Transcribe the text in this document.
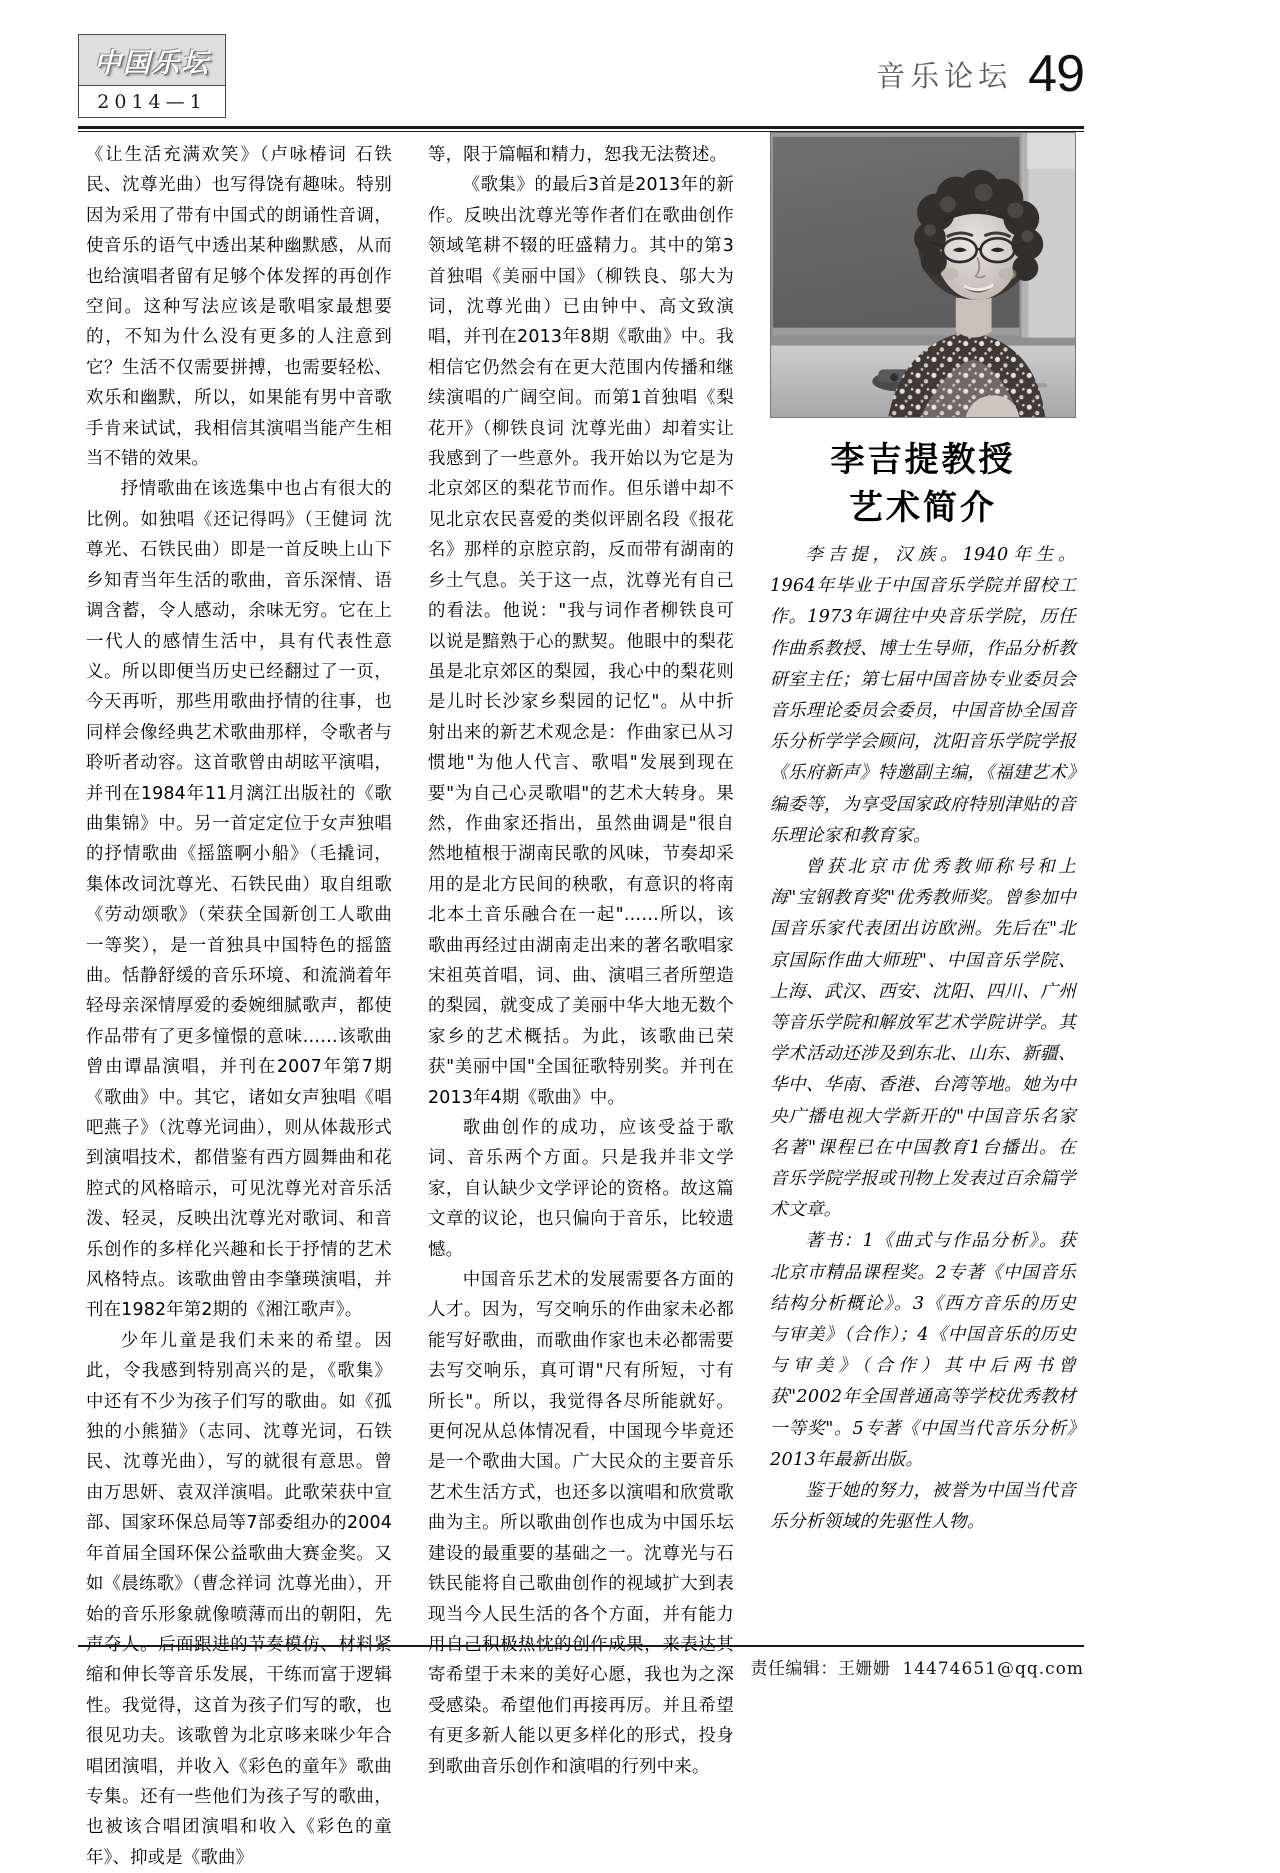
中国乐坛
2014—1
音乐论坛 49

《让生活充满欢笑》（卢咏椿词 石铁民、沈尊光曲）也写得饶有趣味。特别因为采用了带有中国式的朗诵性音调，使音乐的语气中透出某种幽默感，从而也给演唱者留有足够个体发挥的再创作空间。这种写法应该是歌唱家最想要的，不知为什么没有更多的人注意到它？生活不仅需要拼搏，也需要轻松、欢乐和幽默，所以，如果能有男中音歌手肯来试试，我相信其演唱当能产生相当不错的效果。

抒情歌曲在该选集中也占有很大的比例。如独唱《还记得吗》（王健词 沈尊光、石铁民曲）即是一首反映上山下乡知青当年生活的歌曲，音乐深情、语调含蓄，令人感动，余味无穷。它在上一代人的感情生活中，具有代表性意义。所以即便当历史已经翻过了一页，今天再听，那些用歌曲抒情的往事，也同样会像经典艺术歌曲那样，令歌者与聆听者动容。这首歌曾由胡昡平演唱，并刊在1984年11月漓江出版社的《歌曲集锦》中。另一首定定位于女声独唱的抒情歌曲《摇篮啊小船》（毛撬词，集体改词沈尊光、石铁民曲）取自组歌《劳动颂歌》（荣获全国新创工人歌曲一等奖），是一首独具中国特色的摇篮曲。恬静舒缓的音乐环境、和流淌着年轻母亲深情厚爱的委婉细腻歌声，都使作品带有了更多憧憬的意味……该歌曲曾由谭晶演唱，并刊在2007年第7期《歌曲》中。其它，诸如女声独唱《唱吧燕子》（沈尊光词曲），则从体裁形式到演唱技术，都借鉴有西方圆舞曲和花腔式的风格暗示，可见沈尊光对音乐活泼、轻灵，反映出沈尊光对歌词、和音乐创作的多样化兴趣和长于抒情的艺术风格特点。该歌曲曾由李肇瑛演唱，并刊在1982年第2期的《湘江歌声》。

少年儿童是我们未来的希望。因此，令我感到特别高兴的是，《歌集》中还有不少为孩子们写的歌曲。如《孤独的小熊猫》（志同、沈尊光词，石铁民、沈尊光曲），写的就很有意思。曾由万思妍、袁双洋演唱。此歌荣获中宣部、国家环保总局等7部委组办的2004年首届全国环保公益歌曲大赛金奖。又如《晨练歌》（曹念祥词 沈尊光曲），开始的音乐形象就像喷薄而出的朝阳，先声夺人。后面跟进的节奏模仿、材料紧缩和伸长等音乐发展，干练而富于逻辑性。我觉得，这首为孩子们写的歌，也很见功夫。该歌曾为北京哆来咪少年合唱团演唱，并收入《彩色的童年》歌曲专集。还有一些他们为孩子写的歌曲，也被该合唱团演唱和收入《彩色的童年》、抑或是《歌曲》

等，限于篇幅和精力，恕我无法赘述。

《歌集》的最后3首是2013年的新作。反映出沈尊光等作者们在歌曲创作领域笔耕不辍的旺盛精力。其中的第3首独唱《美丽中国》（柳铁良、邬大为词，沈尊光曲）已由钟中、高文致演唱，并刊在2013年8期《歌曲》中。我相信它仍然会有在更大范围内传播和继续演唱的广阔空间。而第1首独唱《梨花开》（柳铁良词 沈尊光曲）却着实让我感到了一些意外。我开始以为它是为北京郊区的梨花节而作。但乐谱中却不见北京农民喜爱的类似评剧名段《报花名》那样的京腔京韵，反而带有湖南的乡土气息。关于这一点，沈尊光有自己的看法。他说："我与词作者柳铁良可以说是黯熟于心的默契。他眼中的梨花虽是北京郊区的梨园，我心中的梨花则是儿时长沙家乡梨园的记忆"。从中折射出来的新艺术观念是：作曲家已从习惯地"为他人代言、歌唱"发展到现在要"为自己心灵歌唱"的艺术大转身。果然，作曲家还指出，虽然曲调是"很自然地植根于湖南民歌的风味，节奏却采用的是北方民间的秧歌，有意识的将南北本土音乐融合在一起"……所以，该歌曲再经过由湖南走出来的著名歌唱家宋祖英首唱，词、曲、演唱三者所塑造的梨园，就变成了美丽中华大地无数个家乡的艺术概括。为此，该歌曲已荣获"美丽中国"全国征歌特别奖。并刊在2013年4期《歌曲》中。

歌曲创作的成功，应该受益于歌词、音乐两个方面。只是我并非文学家，自认缺少文学评论的资格。故这篇文章的议论，也只偏向于音乐，比较遗憾。

中国音乐艺术的发展需要各方面的人才。因为，写交响乐的作曲家未必都能写好歌曲，而歌曲作家也未必都需要去写交响乐，真可谓"尺有所短，寸有所长"。所以，我觉得各尽所能就好。更何况从总体情况看，中国现今毕竟还是一个歌曲大国。广大民众的主要音乐艺术生活方式，也还多以演唱和欣赏歌曲为主。所以歌曲创作也成为中国乐坛建设的最重要的基础之一。沈尊光与石铁民能将自己歌曲创作的视域扩大到表现当今人民生活的各个方面，并有能力用自己积极热忱的创作成果，来表达其寄希望于未来的美好心愿，我也为之深受感染。希望他们再接再厉。并且希望有更多新人能以更多样化的形式，投身到歌曲音乐创作和演唱的行列中来。

李吉提教授
艺术简介

李吉提，汉族。1940年生。1964年毕业于中国音乐学院并留校工作。1973年调往中央音乐学院，历任作曲系教授、博士生导师，作品分析教研室主任；第七届中国音协专业委员会音乐理论委员会委员，中国音协全国音乐分析学学会顾问，沈阳音乐学院学报《乐府新声》特邀副主编，《福建艺术》编委等，为享受国家政府特别津贴的音乐理论家和教育家。

曾获北京市优秀教师称号和上海"宝钢教育奖"优秀教师奖。曾参加中国音乐家代表团出访欧洲。先后在"北京国际作曲大师班"、中国音乐学院、上海、武汉、西安、沈阳、四川、广州等音乐学院和解放军艺术学院讲学。其学术活动还涉及到东北、山东、新疆、华中、华南、香港、台湾等地。她为中央广播电视大学新开的"中国音乐名家名著"课程已在中国教育1台播出。在音乐学院学报或刊物上发表过百余篇学术文章。

著书：1《曲式与作品分析》。获北京市精品课程奖。2专著《中国音乐结构分析概论》。3《西方音乐的历史与审美》（合作）；4《中国音乐的历史与审美》（合作）其中后两书曾获"2002年全国普通高等学校优秀教材一等奖"。5专著《中国当代音乐分析》2013年最新出版。

鉴于她的努力，被誉为中国当代音乐分析领域的先驱性人物。

责任编辑：王姗姗 14474651@qq.com
